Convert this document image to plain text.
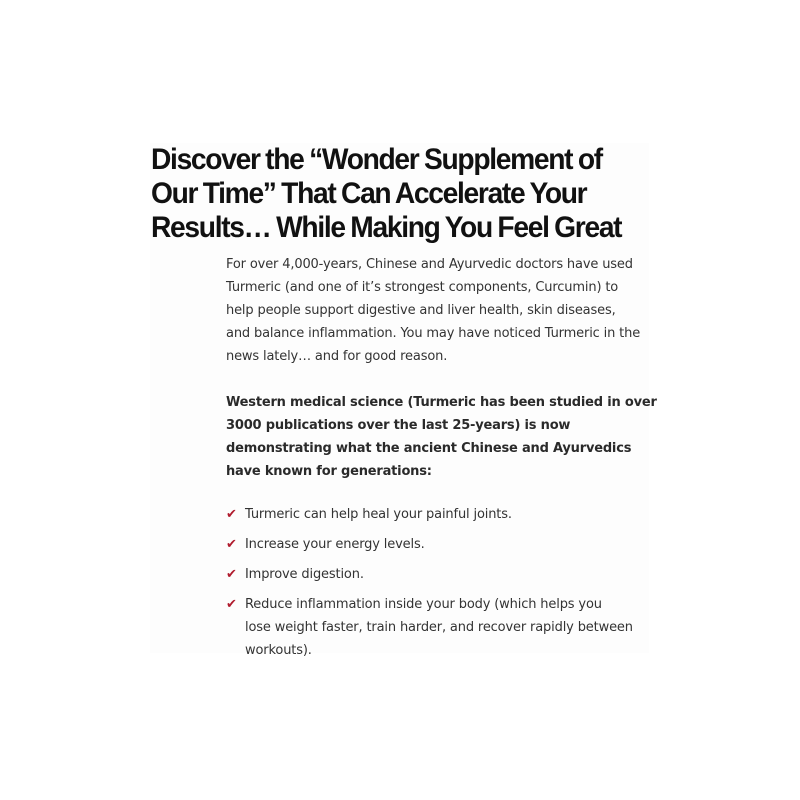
Discover the “Wonder Supplement of
Our Time” That Can Accelerate Your
Results… While Making You Feel Great

For over 4,000-years, Chinese and Ayurvedic doctors have used
Turmeric (and one of it’s strongest components, Curcumin) to
help people support digestive and liver health, skin diseases,
and balance inflammation. You may have noticed Turmeric in the
news lately… and for good reason.

Western medical science (Turmeric has been studied in over
3000 publications over the last 25-years) is now
demonstrating what the ancient Chinese and Ayurvedics
have known for generations:

✔ Turmeric can help heal your painful joints.
✔ Increase your energy levels.
✔ Improve digestion.
✔ Reduce inflammation inside your body (which helps you
lose weight faster, train harder, and recover rapidly between
workouts).
